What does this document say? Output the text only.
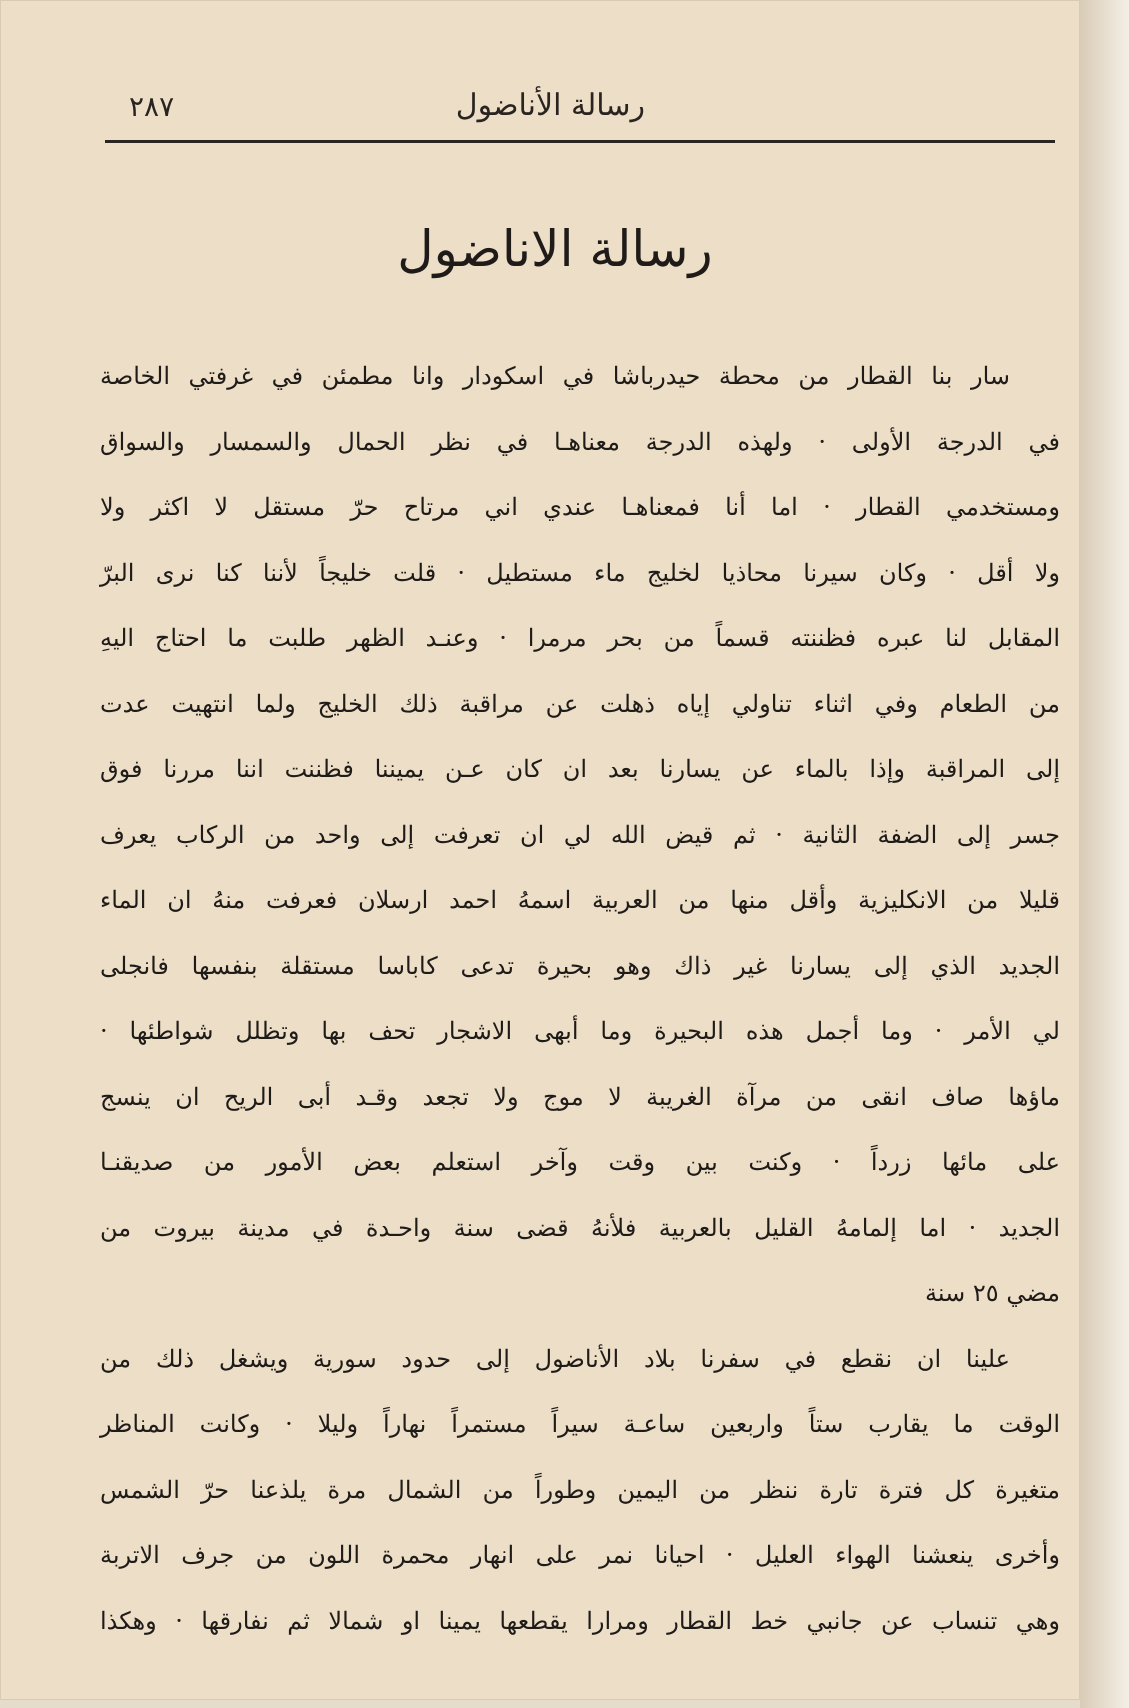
رسالة الأناضول
٢٨٧
رسالة الاناضول
سار بنا القطار من محطة حيدرباشا في اسكودار وانا مطمئن في غرفتي الخاصة
في الدرجة الأولى · ولهذه الدرجة معناهـا في نظر الحمال والسمسار والسواق
ومستخدمي القطار · اما أنا فمعناهـا عندي اني مرتاح حرّ مستقل لا اكثر ولا
ولا أقل · وكان سيرنا محاذيا لخليج ماء مستطيل · قلت خليجاً لأننا كنا نرى البرّ
المقابل لنا عبره فظننته قسماً من بحر مرمرا · وعنـد الظهر طلبت ما احتاج اليهِ
من الطعام وفي اثناء تناولي إياه ذهلت عن مراقبة ذلك الخليج ولما انتهيت عدت
إلى المراقبة وإذا بالماء عن يسارنا بعد ان كان عـن يميننا فظننت اننا مررنا فوق
جسر إلى الضفة الثانية · ثم قيض الله لي ان تعرفت إلى واحد من الركاب يعرف
قليلا من الانكليزية وأقل منها من العربية اسمهُ احمد ارسلان فعرفت منهُ ان الماء
الجديد الذي إلى يسارنا غير ذاك وهو بحيرة تدعى كاباسا مستقلة بنفسها فانجلى
لي الأمر · وما أجمل هذه البحيرة وما أبهى الاشجار تحف بها وتظلل شواطئها ·
ماؤها صاف انقى من مرآة الغريبة لا موج ولا تجعد وقـد أبى الريح ان ينسج
على مائها زرداً · وكنت بين وقت وآخر استعلم بعض الأمور من صديقنـا
الجديد · اما إلمامهُ القليل بالعربية فلأنهُ قضى سنة واحـدة في مدينة بيروت من
مضي ٢٥ سنة
علينا ان نقطع في سفرنا بلاد الأناضول إلى حدود سورية ويشغل ذلك من
الوقت ما يقارب ستاً واربعين ساعـة سيراً مستمراً نهاراً وليلا · وكانت المناظر
متغيرة كل فترة تارة ننظر من اليمين وطوراً من الشمال مرة يلذعنا حرّ الشمس
وأخرى ينعشنا الهواء العليل · احيانا نمر على انهار محمرة اللون من جرف الاتربة
وهي تنساب عن جانبي خط القطار ومرارا يقطعها يمينا او شمالا ثم نفارقها · وهكذا
